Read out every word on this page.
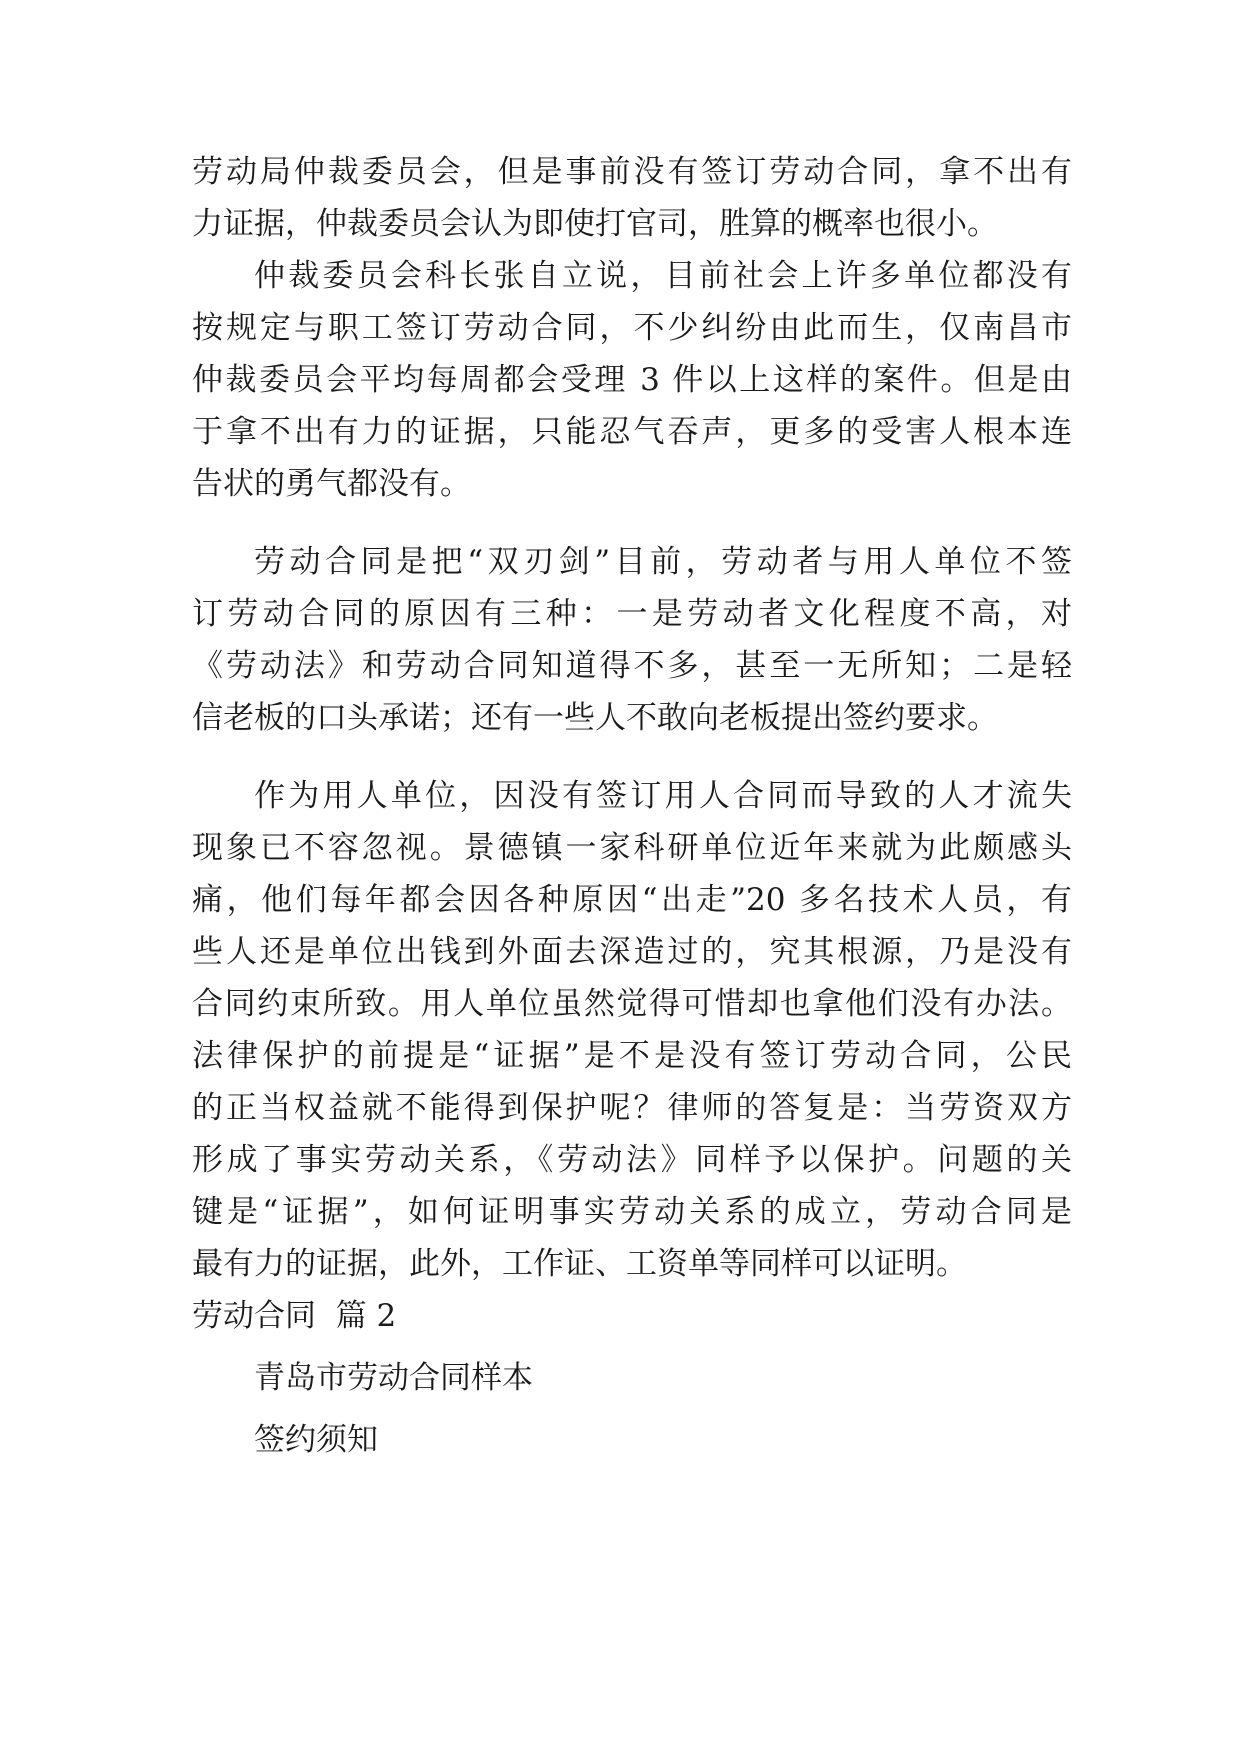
劳动局仲裁委员会，但是事前没有签订劳动合同，拿不出有
力证据，仲裁委员会认为即使打官司，胜算的概率也很小。
仲裁委员会科长张自立说，目前社会上许多单位都没有
按规定与职工签订劳动合同，不少纠纷由此而生，仅南昌市
仲裁委员会平均每周都会受理 3 件以上这样的案件。但是由
于拿不出有力的证据，只能忍气吞声，更多的受害人根本连
告状的勇气都没有。
劳动合同是把“双刃剑”目前，劳动者与用人单位不签
订劳动合同的原因有三种：一是劳动者文化程度不高，对
《劳动法》和劳动合同知道得不多，甚至一无所知；二是轻
信老板的口头承诺；还有一些人不敢向老板提出签约要求。
作为用人单位，因没有签订用人合同而导致的人才流失
现象已不容忽视。景德镇一家科研单位近年来就为此颇感头
痛，他们每年都会因各种原因“出走”20 多名技术人员，有
些人还是单位出钱到外面去深造过的，究其根源，乃是没有
合同约束所致。用人单位虽然觉得可惜却也拿他们没有办法。
法律保护的前提是“证据”是不是没有签订劳动合同，公民
的正当权益就不能得到保护呢？律师的答复是：当劳资双方
形成了事实劳动关系，《劳动法》同样予以保护。问题的关
键是“证据”，如何证明事实劳动关系的成立，劳动合同是
最有力的证据，此外，工作证、工资单等同样可以证明。
劳动合同  篇 2
青岛市劳动合同样本
签约须知
